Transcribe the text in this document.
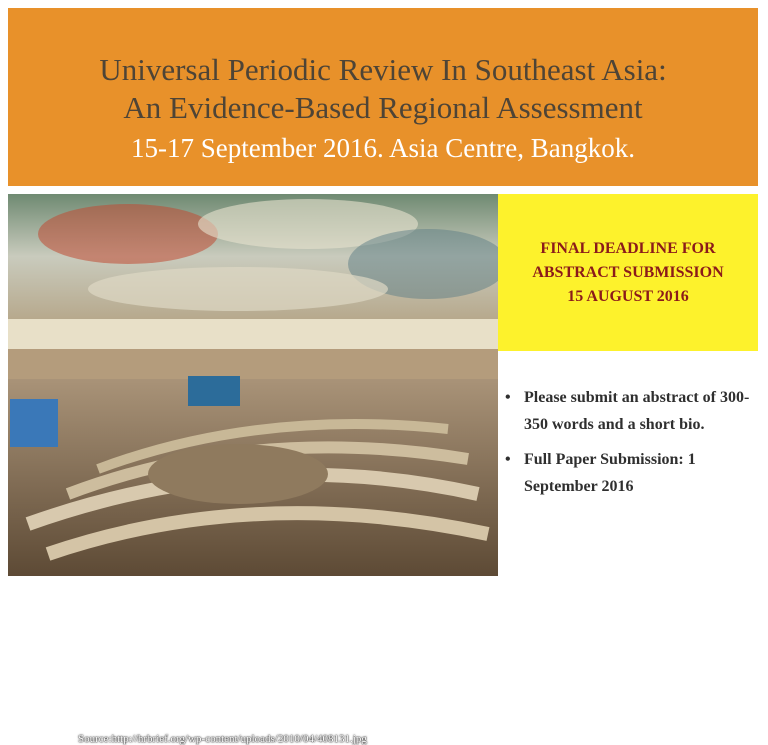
Universal Periodic Review In Southeast Asia:
An Evidence-Based Regional Assessment
15-17 September 2016. Asia Centre, Bangkok.
Source:http://hrbrief.org/wp-content/uploads/2010/04/408131.jpg
FINAL DEADLINE FOR
ABSTRACT SUBMISSION
15 AUGUST 2016
• Please submit an abstract of 300-350 words and a short bio.
• Full Paper Submission: 1 September 2016
